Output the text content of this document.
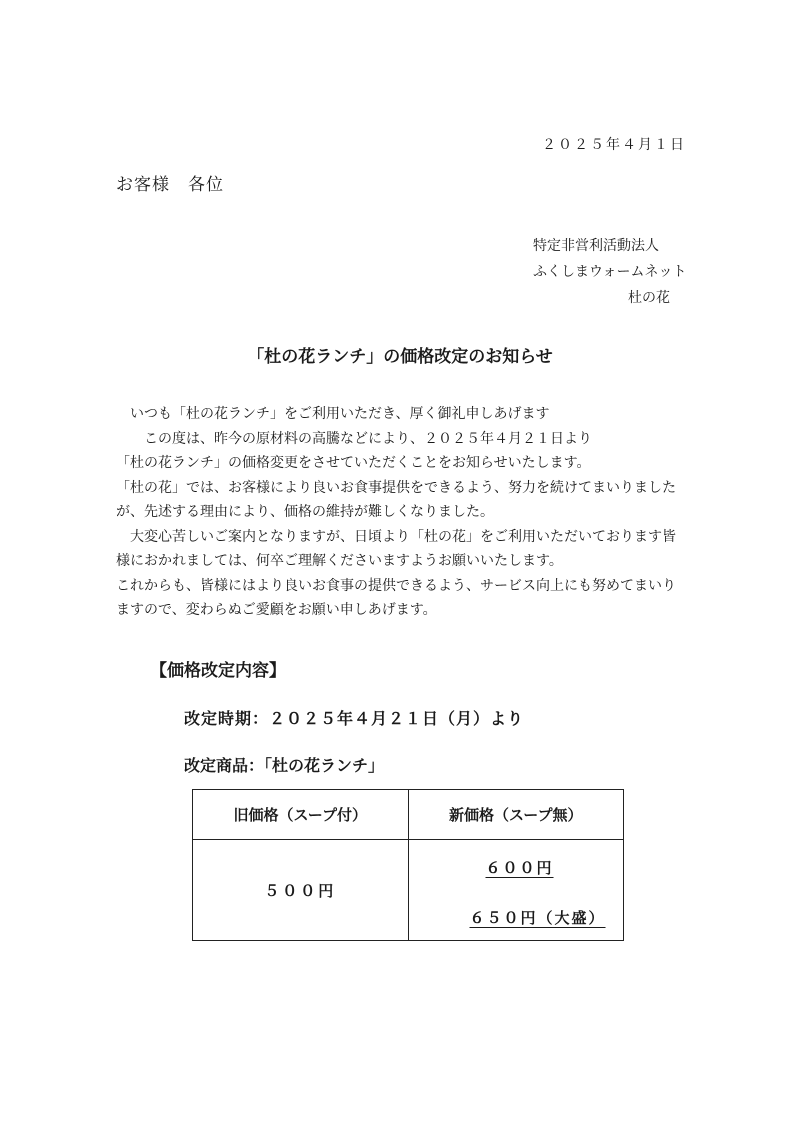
２０２５年４月１日
お客様　各位
特定非営利活動法人
ふくしまウォームネット
杜の花
「杜の花ランチ」の価格改定のお知らせ
いつも「杜の花ランチ」をご利用いただき、厚く御礼申しあげます
　この度は、昨今の原材料の高騰などにより、２０２５年４月２１日より
「杜の花ランチ」の価格変更をさせていただくことをお知らせいたします。
「杜の花」では、お客様により良いお食事提供をできるよう、努力を続けてまいりました
が、先述する理由により、価格の維持が難しくなりました。
　大変心苦しいご案内となりますが、日頃より「杜の花」をご利用いただいております皆
様におかれましては、何卒ご理解くださいますようお願いいたします。
これからも、皆様にはより良いお食事の提供できるよう、サービス向上にも努めてまいり
ますので、変わらぬご愛顧をお願い申しあげます。
【価格改定内容】
改定時期：２０２５年４月２１日（月）より
改定商品：「杜の花ランチ」
旧価格（スープ付）	新価格（スープ無）
５００円	６００円
６５０円（大盛）
